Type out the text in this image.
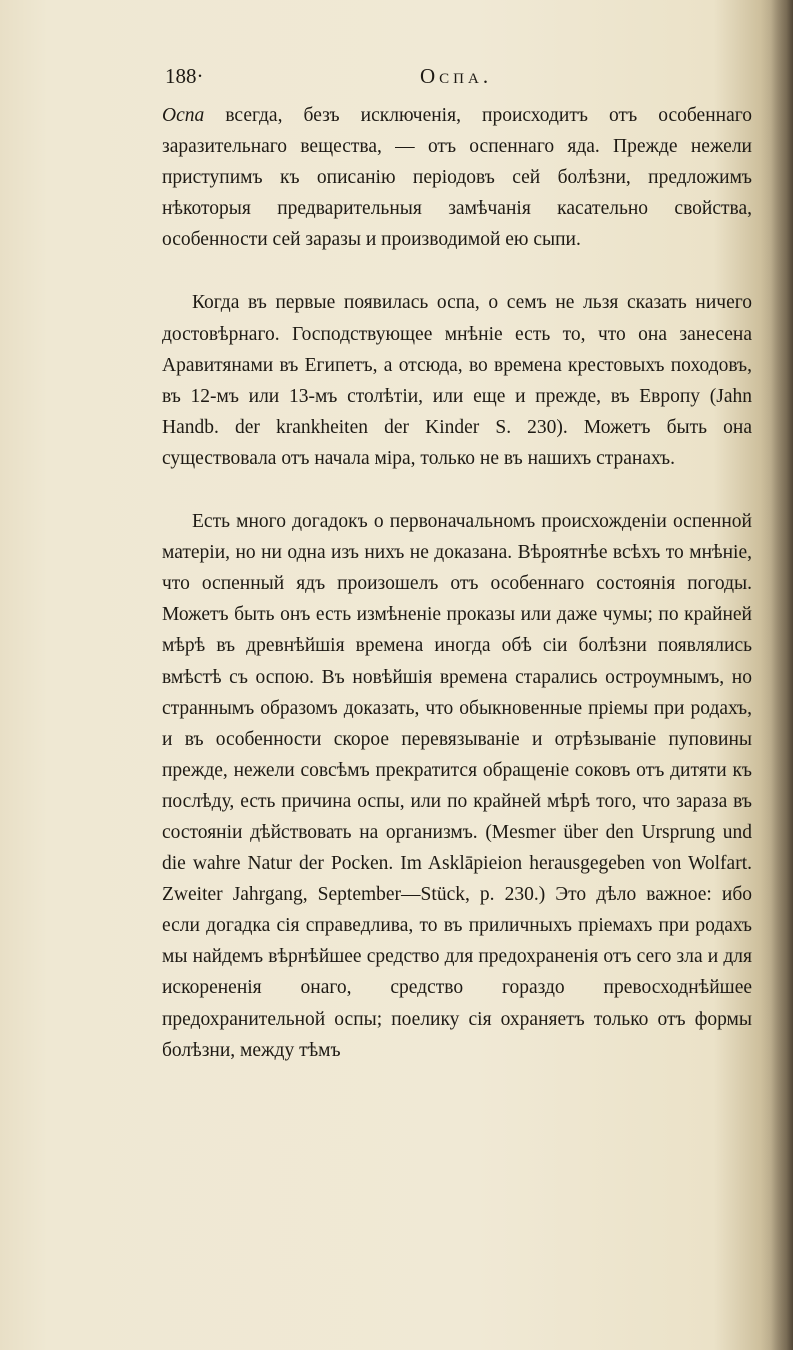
188·	Оспа.

Оспа всегда, безъ исключенія, происходитъ отъ особеннаго заразительнаго вещества, — отъ оспеннаго яда. Прежде нежели приступимъ къ описанію періодовъ сей болѣзни, предложимъ нѣкоторыя предварительныя замѣчанія касательно свойства, особенности сей заразы и производимой ею сыпи.

Когда въ первые появилась оспа, о семъ не льзя сказать ничего достовѣрнаго. Господствующее мнѣніе есть то, что она занесена Аравитянами въ Египетъ, а отсюда, во времена крестовыхъ походовъ, въ 12-мъ или 13-мъ столѣтіи, или еще и прежде, въ Европу (Jahn Handb. der krankheiten der Kinder S. 230). Можетъ быть она существовала отъ начала міра, только не въ нашихъ странахъ.

Есть много догадокъ о первоначальномъ происхожденіи оспенной матеріи, но ни одна изъ нихъ не доказана. Вѣроятнѣе всѣхъ то мнѣніе, что оспенный ядъ произошелъ отъ особеннаго состоянія погоды. Можетъ быть онъ есть измѣненіе проказы или даже чумы; по крайней мѣрѣ въ древнѣйшія времена иногда обѣ сіи болѣзни появлялись вмѣстѣ съ оспою. Въ новѣйшія времена старались остроумнымъ, но страннымъ образомъ доказать, что обыкновенные пріемы при родахъ, и въ особенности скорое перевязываніе и отрѣзываніе пуповины прежде, нежели совсѣмъ прекратится обращеніе соковъ отъ дитяти къ послѣду, есть причина оспы, или по крайней мѣрѣ того, что зараза въ состояніи дѣйствовать на организмъ. (Mesmer über den Ursprung und die wahre Natur der Pocken. Im Asklāpieion herausgegeben von Wolfart. Zweiter Jahrgang, September—Stück, p. 230.) Это дѣло важное: ибо если догадка сія справедлива, то въ приличныхъ пріемахъ при родахъ мы найдемъ вѣрнѣйшее средство для предохраненія отъ сего зла и для искорененія онаго, средство гораздо превосходнѣйшее предохранительной оспы; поелику сія охраняетъ только отъ формы болѣзни, между тѣмъ
